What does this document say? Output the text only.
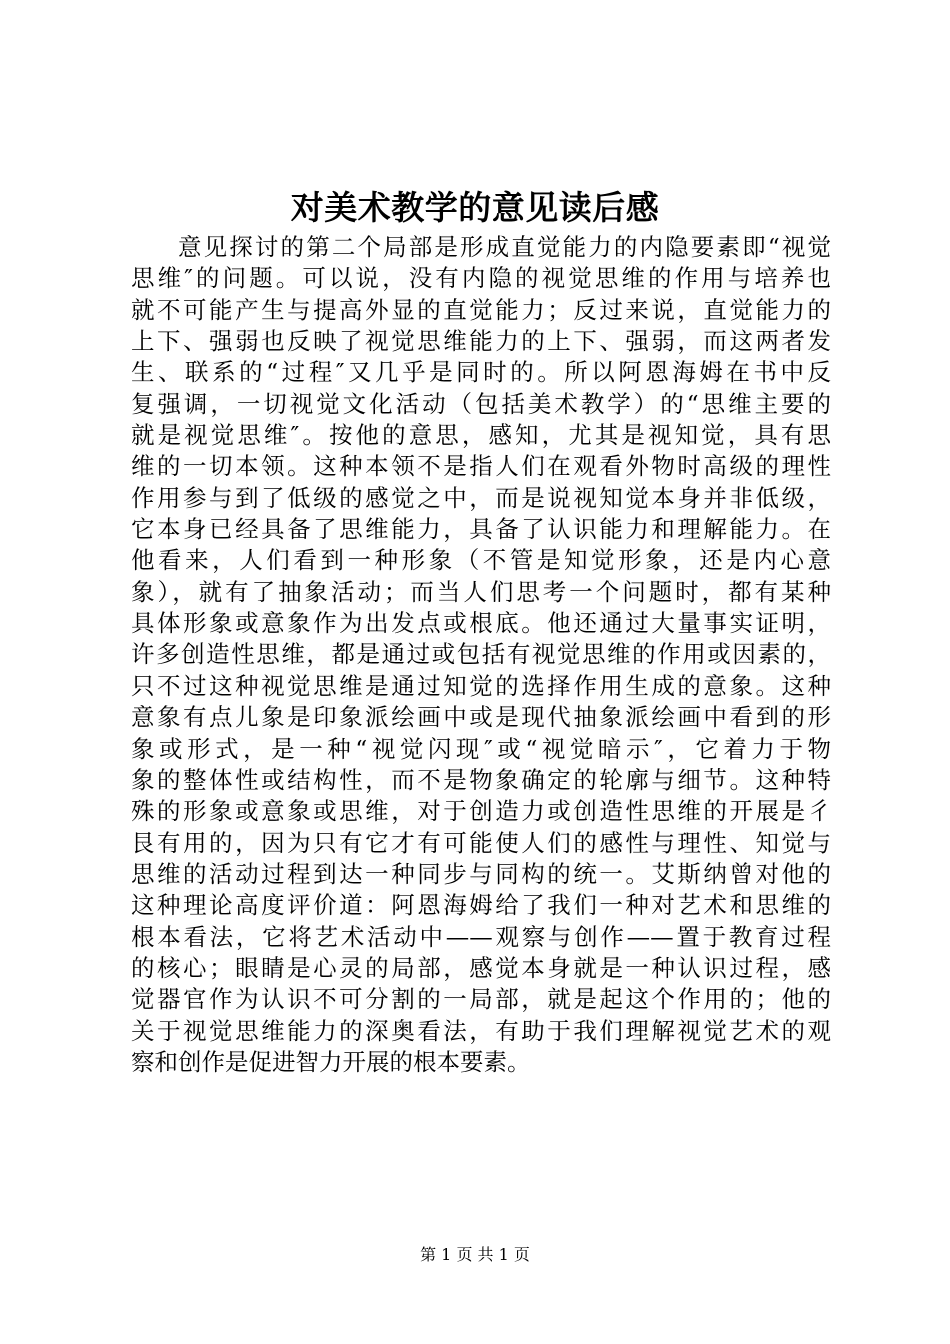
对美术教学的意见读后感
意见探讨的第二个局部是形成直觉能力的内隐要素即“视觉
思维″的问题。可以说，没有内隐的视觉思维的作用与培养也
就不可能产生与提高外显的直觉能力；反过来说，直觉能力的
上下、强弱也反映了视觉思维能力的上下、强弱，而这两者发
生、联系的“过程″又几乎是同时的。所以阿恩海姆在书中反
复强调，一切视觉文化活动（包括美术教学）的“思维主要的
就是视觉思维″。按他的意思，感知，尤其是视知觉，具有思
维的一切本领。这种本领不是指人们在观看外物时高级的理性
作用参与到了低级的感觉之中，而是说视知觉本身并非低级，
它本身已经具备了思维能力，具备了认识能力和理解能力。在
他看来，人们看到一种形象（不管是知觉形象，还是内心意
象），就有了抽象活动；而当人们思考一个问题时，都有某种
具体形象或意象作为出发点或根底。他还通过大量事实证明，
许多创造性思维，都是通过或包括有视觉思维的作用或因素的，
只不过这种视觉思维是通过知觉的选择作用生成的意象。这种
意象有点儿象是印象派绘画中或是现代抽象派绘画中看到的形
象或形式，是一种“视觉闪现″或“视觉暗示″，它着力于物
象的整体性或结构性，而不是物象确定的轮廓与细节。这种特
殊的形象或意象或思维，对于创造力或创造性思维的开展是彳
艮有用的，因为只有它才有可能使人们的感性与理性、知觉与
思维的活动过程到达一种同步与同构的统一。艾斯纳曾对他的
这种理论高度评价道：阿恩海姆给了我们一种对艺术和思维的
根本看法，它将艺术活动中——观察与创作——置于教育过程
的核心；眼睛是心灵的局部，感觉本身就是一种认识过程，感
觉器官作为认识不可分割的一局部，就是起这个作用的；他的
关于视觉思维能力的深奥看法，有助于我们理解视觉艺术的观
察和创作是促进智力开展的根本要素。
第 1 页 共 1 页
